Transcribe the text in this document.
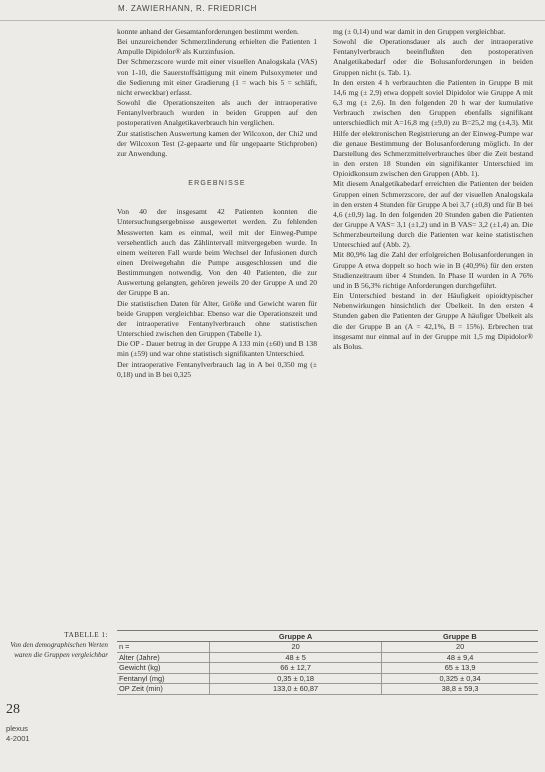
M. ZAWIERHANN, R. FRIEDRICH

konnte anhand der Gesamtanforderungen bestimmt werden.

Bei unzureichender Schmerzlinderung erhielten die Patienten 1 Ampulle Dipidolor® als Kurzinfusion.

Der Schmerzscore wurde mit einer visuellen Analogskala (VAS) von 1-10, die Sauerstoffsättigung mit einem Pulsoxymeter und die Sedierung mit einer Gradierung (1 = wach bis 5 = schläft, nicht erweckbar) erfasst.

Sowohl die Operationszeiten als auch der intraoperative Fentanylverbrauch wurden in beiden Gruppen auf den postoperativen Analgetikaverbrauch hin verglichen.

Zur statistischen Auswertung kamen der Wilcoxon, der Chi2 und der Wilcoxon Test (2-gepaarte und für ungepaarte Stichproben) zur Anwendung.

ERGEBNISSE

Von 40 der insgesamt 42 Patienten konnten die Untersuchungsergebnisse ausgewertet werden. Zu fehlenden Messwerten kam es einmal, weil mit der Einweg-Pumpe versehentlich auch das Zählintervall mitvergegeben wurde. In einem weiteren Fall wurde beim Wechsel der Infusionen durch einen Dreiwegehahn die Pumpe ausgeschlossen und die Bestimmungen notwendig. Von den 40 Patienten, die zur Auswertung gelangten, gehören jeweils 20 der Gruppe A und 20 der Gruppe B an.

Die statistischen Daten für Alter, Größe und Gewicht waren für beide Gruppen vergleichbar. Ebenso war die Operationszeit und der intraoperative Fentanylverbrauch ohne statistischen Unterschied zwischen den Gruppen (Tabelle 1).

Die OP - Dauer betrug in der Gruppe A 133 min (±60) und B 138 min (±59) und war ohne statistisch signifikanten Unterschied.

Der intraoperative Fentanylverbrauch lag in A bei 0,350 mg (± 0,18) und in B bei 0,325

mg (± 0,14) und war damit in den Gruppen vergleichbar.

Sowohl die Operationsdauer als auch der intraoperative Fentanylverbrauch beeinflußten den postoperativen Analgetikabedarf oder die Bolusanforderungen in beiden Gruppen nicht (s. Tab. 1).

In den ersten 4 h verbrauchten die Patienten in Gruppe B mit 14,6 mg (± 2,9) etwa doppelt soviel Dipidolor wie Gruppe A mit 6,3 mg (± 2,6). In den folgenden 20 h war der kumulative Verbrauch zwischen den Gruppen ebenfalls signifikant unterschiedlich mit A=16,8 mg (±9,0) zu B=25,2 mg (±4,3). Mit Hilfe der elektronischen Registrierung an der Einweg-Pumpe war die genaue Bestimmung der Bolusanforderung möglich. In der Darstellung des Schmerzmittelverbrauches über die Zeit bestand in den ersten 18 Stunden ein signifikanter Unterschied im Opioidkonsum zwischen den Gruppen (Abb. 1).

Mit diesem Analgetikabedarf erreichten die Patienten der beiden Gruppen einen Schmerzscore, der auf der visuellen Analogskala in den ersten 4 Stunden für Gruppe A bei 3,7 (±0,8) und für B bei 4,6 (±0,9) lag. In den folgenden 20 Stunden gaben die Patienten der Gruppe A VAS= 3,1 (±1,2) und in B VAS= 3,2 (±1,4) an. Die Schmerzbeurteilung durch die Patienten war keine statistischen Unterschied auf (Abb. 2).

Mit 80,9% lag die Zahl der erfolgreichen Bolusanforderungen in Gruppe A etwa doppelt so hoch wie in B (40,9%) für den ersten Studienzeitraum über 4 Stunden. In Phase II wurden in A 76% und in B 56,3% richtige Anforderungen durchgeführt.

Ein Unterschied bestand in der Häufigkeit opioidtypischer Nebenwirkungen hinsichtlich der Übelkeit. In den ersten 4 Stunden gaben die Patienten der Gruppe A häufiger Übelkeit als die der Gruppe B an (A = 42,1%, B = 15%). Erbrechen trat insgesamt nur einmal auf in der Gruppe mit 1,5 mg Dipidolor® als Bolus.

TABELLE 1:
Von den demographischen Werten waren die Gruppen vergleichbar
28
plexus
4-2001
	Gruppe A	Gruppe B
n =	20	20
Alter (Jahre)	48 ± 5	48 ± 9,4
Gewicht (kg)	66 ± 12,7	65 ± 13,9
Fentanyl (mg)	0,35 ± 0,18	0,325 ± 0,34
OP Zeit (min)	133,0 ± 60,87	38,8 ± 59,3
